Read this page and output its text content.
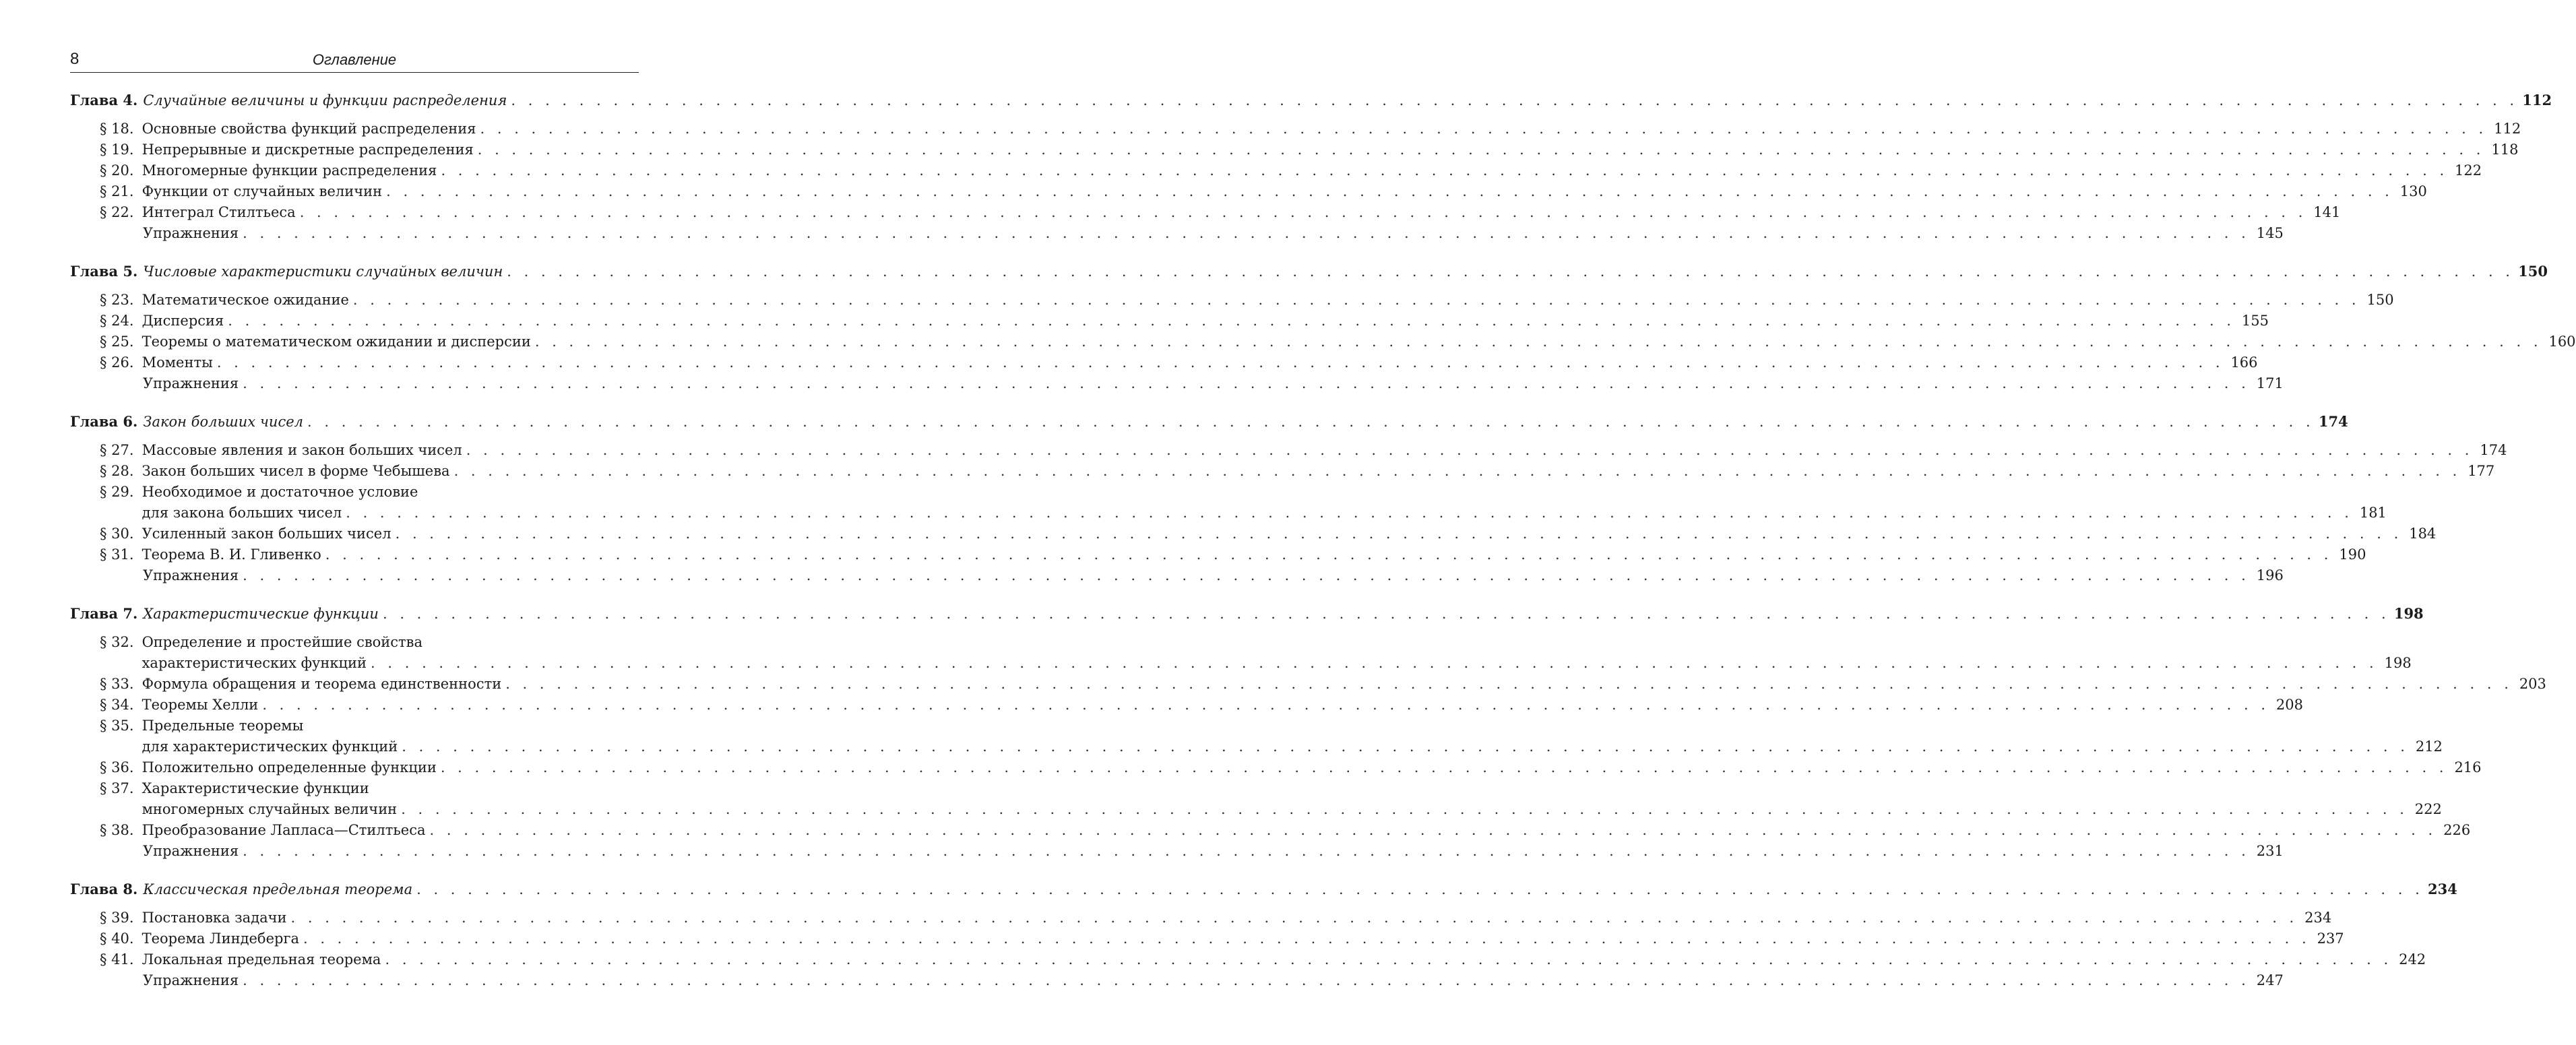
8	Оглавление
Глава 4. Случайные величины и функции распределения . . .	112
§ 18. Основные свойства функций распределения . . .	112
§ 19. Непрерывные и дискретные распределения . . .	118
§ 20. Многомерные функции распределения . . .	122
§ 21. Функции от случайных величин . . .	130
§ 22. Интеграл Стилтьеса . . .	141
Упражнения . . .	145
Глава 5. Числовые характеристики случайных величин . . .	150
§ 23. Математическое ожидание . . .	150
§ 24. Дисперсия . . .	155
§ 25. Теоремы о математическом ожидании и дисперсии . . .	160
§ 26. Моменты . . .	166
Упражнения . . .	171
Глава 6. Закон больших чисел . . .	174
§ 27. Массовые явления и закон больших чисел . . .	174
§ 28. Закон больших чисел в форме Чебышева . . .	177
§ 29. Необходимое и достаточное условие
для закона больших чисел . . .	181
§ 30. Усиленный закон больших чисел . . .	184
§ 31. Теорема В. И. Гливенко . . .	190
Упражнения . . .	196
Глава 7. Характеристические функции . . .	198
§ 32. Определение и простейшие свойства
характеристических функций . . .	198
§ 33. Формула обращения и теорема единственности . . .	203
§ 34. Теоремы Хелли . . .	208
§ 35. Предельные теоремы
для характеристических функций . . .	212
§ 36. Положительно определенные функции . . .	216
§ 37. Характеристические функции
многомерных случайных величин . . .	222
§ 38. Преобразование Лапласа—Стилтьеса . . .	226
Упражнения . . .	231
Глава 8. Классическая предельная теорема . . .	234
§ 39. Постановка задачи . . .	234
§ 40. Теорема Линдеберга . . .	237
§ 41. Локальная предельная теорема . . .	242
Упражнения . . .	247
